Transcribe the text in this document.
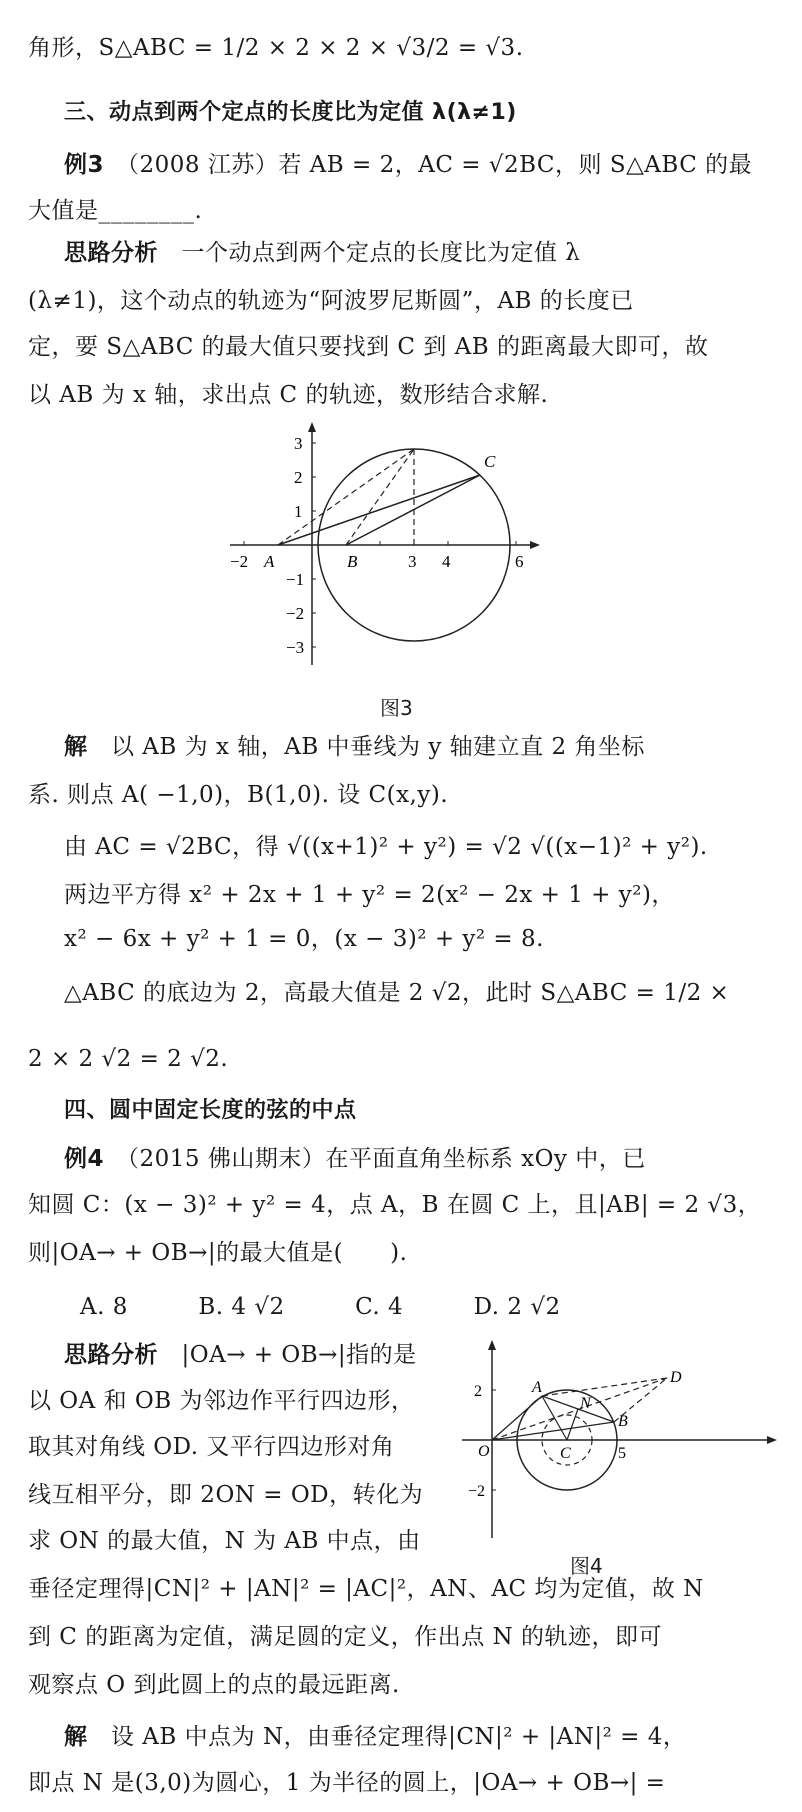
角形，S△ABC = 1/2 × 2 × 2 × √3/2 = √3.
三、动点到两个定点的长度比为定值 λ(λ≠1)
例3　（2008 江苏）若 AB = 2，AC = √2BC，则 S△ABC 的最
大值是________.
思路分析　一个动点到两个定点的长度比为定值 λ
(λ≠1)，这个动点的轨迹为“阿波罗尼斯圆”，AB 的长度已
定，要 S△ABC 的最大值只要找到 C 到 AB 的距离最大即可，故
以 AB 为 x 轴，求出点 C 的轨迹，数形结合求解.
−2 A	B	3 4	6
3
2
1
−1
−2
−3
C
图3
解　以 AB 为 x 轴，AB 中垂线为 y 轴建立直 2 角坐标
系. 则点 A( −1,0)，B(1,0). 设 C(x,y).
由 AC = √2BC，得 √((x+1)² + y²) = √2 √((x−1)² + y²).
两边平方得 x² + 2x + 1 + y² = 2(x² − 2x + 1 + y²)，
x² − 6x + y² + 1 = 0，(x − 3)² + y² = 8.
△ABC 的底边为 2，高最大值是 2 √2，此时 S△ABC = 1/2 ×
2 × 2 √2 = 2 √2.
四、圆中固定长度的弦的中点
例4　（2015 佛山期末）在平面直角坐标系 xOy 中，已
知圆 C：(x − 3)² + y² = 4，点 A，B 在圆 C 上，且|AB| = 2 √3，
则|OA→ + OB→|的最大值是(　　).
A. 8　　　B. 4 √2　　　C. 4　　　D. 2 √2
思路分析　|OA→ + OB→|指的是
以 OA 和 OB 为邻边作平行四边形，
取其对角线 OD. 又平行四边形对角
线互相平分，即 2ON = OD，转化为
求 ON 的最大值，N 为 AB 中点，由
2
−2
5
O
A
N
B
C
D
图4
垂径定理得|CN|² + |AN|² = |AC|²，AN、AC 均为定值，故 N
到 C 的距离为定值，满足圆的定义，作出点 N 的轨迹，即可
观察点 O 到此圆上的点的最远距离.
解　设 AB 中点为 N，由垂径定理得|CN|² + |AN|² = 4，
即点 N 是(3,0)为圆心，1 为半径的圆上，|OA→ + OB→| =
